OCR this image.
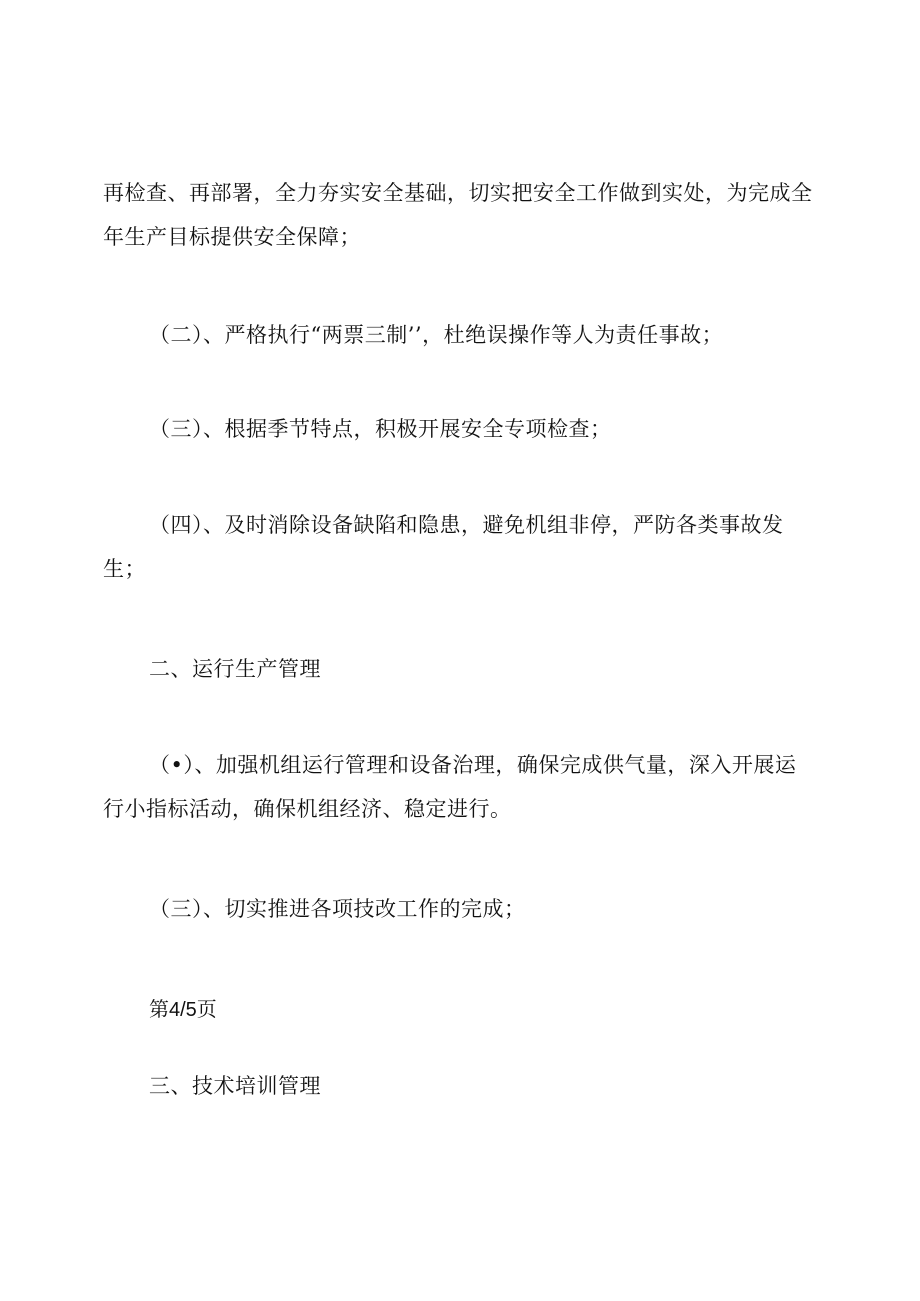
再检查、再部署，全力夯实安全基础，切实把安全工作做到实处，为完成全
年生产目标提供安全保障；
（二）、严格执行“两票三制’’，杜绝误操作等人为责任事故；
（三）、根据季节特点，积极开展安全专项检查；
（四）、及时消除设备缺陷和隐患，避免机组非停，严防各类事故发
生；
二、运行生产管理
（•）、加强机组运行管理和设备治理，确保完成供气量，深入开展运
行小指标活动，确保机组经济、稳定进行。
（三）、切实推进各项技改工作的完成；
第4/5页
三、技术培训管理
